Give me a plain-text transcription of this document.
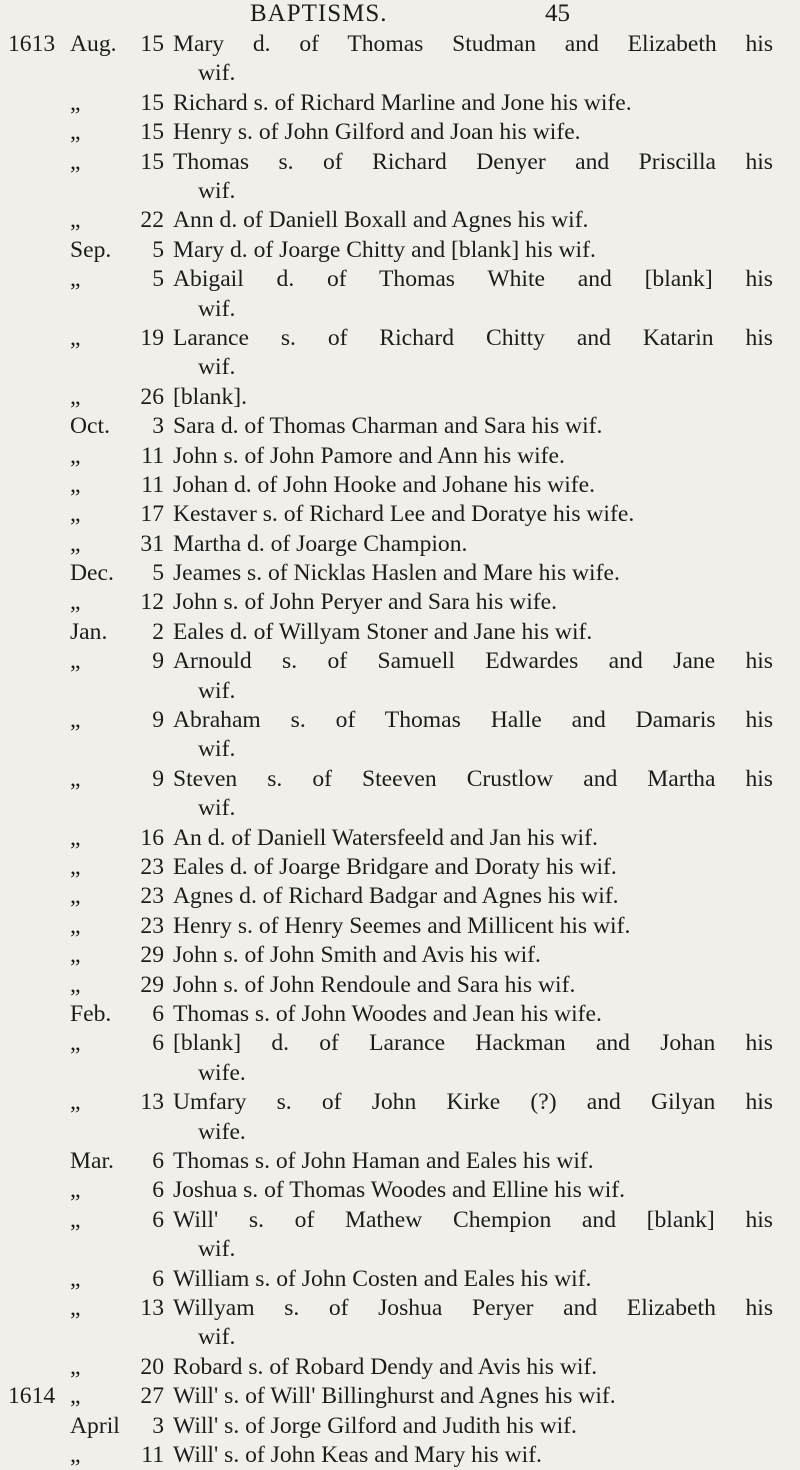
BAPTISMS.	45
1613 Aug.	15 Mary d. of Thomas Studman and Elizabeth his
wif.
„	15 Richard s. of Richard Marline and Jone his wife.
„	15 Henry s. of John Gilford and Joan his wife.
„	15 Thomas s. of Richard Denyer and Priscilla his
wif.
„	22 Ann d. of Daniell Boxall and Agnes his wif.
Sep.	5 Mary d. of Joarge Chitty and [blank] his wif.
„	5 Abigail d. of Thomas White and [blank] his
wif.
„	19 Larance s. of Richard Chitty and Katarin his
wif.
„	26 [blank].
Oct.	3 Sara d. of Thomas Charman and Sara his wif.
„	11 John s. of John Pamore and Ann his wife.
„	11 Johan d. of John Hooke and Johane his wife.
„	17 Kestaver s. of Richard Lee and Doratye his wife.
„	31 Martha d. of Joarge Champion.
Dec.	5 Jeames s. of Nicklas Haslen and Mare his wife.
„	12 John s. of John Peryer and Sara his wife.
Jan.	2 Eales d. of Willyam Stoner and Jane his wif.
„	9 Arnould s. of Samuell Edwardes and Jane his
wif.
„	9 Abraham s. of Thomas Halle and Damaris his
wif.
„	9 Steven s. of Steeven Crustlow and Martha his
wif.
„	16 An d. of Daniell Watersfeeld and Jan his wif.
„	23 Eales d. of Joarge Bridgare and Doraty his wif.
„	23 Agnes d. of Richard Badgar and Agnes his wif.
„	23 Henry s. of Henry Seemes and Millicent his wif.
„	29 John s. of John Smith and Avis his wif.
„	29 John s. of John Rendoule and Sara his wif.
Feb.	6 Thomas s. of John Woodes and Jean his wife.
„	6 [blank] d. of Larance Hackman and Johan his
wife.
„	13 Umfary s. of John Kirke (?) and Gilyan his
wife.
Mar.	6 Thomas s. of John Haman and Eales his wif.
„	6 Joshua s. of Thomas Woodes and Elline his wif.
„	6 Will' s. of Mathew Chempion and [blank] his
wif.
„	6 William s. of John Costen and Eales his wif.
„	13 Willyam s. of Joshua Peryer and Elizabeth his
wif.
„	20 Robard s. of Robard Dendy and Avis his wif.
1614 „	27 Will' s. of Will' Billinghurst and Agnes his wif.
April	3 Will' s. of Jorge Gilford and Judith his wif.
„	11 Will' s. of John Keas and Mary his wif.
